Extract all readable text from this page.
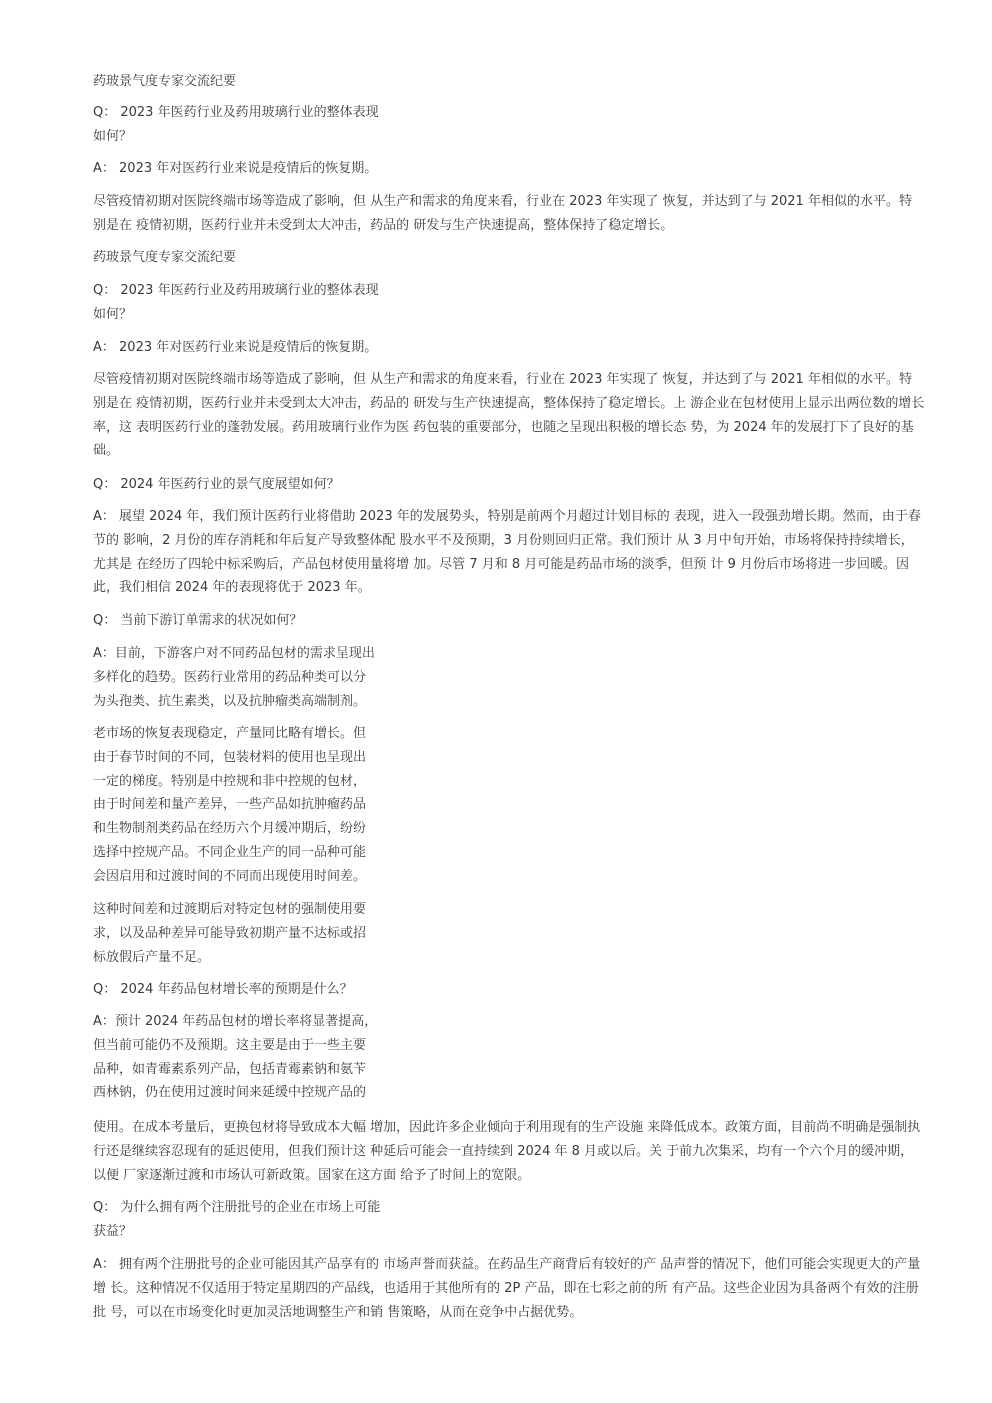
药玻景气度专家交流纪要

Q： 2023 年医药行业及药用玻璃行业的整体表现
如何？

A： 2023 年对医药行业来说是疫情后的恢复期。

尽管疫情初期对医院终端市场等造成了影响，但 从生产和需求的角度来看，行业在 2023 年实现了 恢复，并达到了与 2021 年相似的水平。特
别是在 疫情初期，医药行业并未受到太大冲击，药品的 研发与生产快速提高，整体保持了稳定增长。

药玻景气度专家交流纪要

Q： 2023 年医药行业及药用玻璃行业的整体表现
如何？

A： 2023 年对医药行业来说是疫情后的恢复期。

尽管疫情初期对医院终端市场等造成了影响，但 从生产和需求的角度来看，行业在 2023 年实现了 恢复，并达到了与 2021 年相似的水平。特
别是在 疫情初期，医药行业并未受到太大冲击，药品的 研发与生产快速提高，整体保持了稳定增长。上 游企业在包材使用上显示出两位数的增长
率，这 表明医药行业的蓬勃发展。药用玻璃行业作为医 药包装的重要部分，也随之呈现出积极的增长态 势，为 2024 年的发展打下了良好的基
础。

Q： 2024 年医药行业的景气度展望如何？

A： 展望 2024 年，我们预计医药行业将借助 2023 年的发展势头，特别是前两个月超过计划目标的 表现，进入一段强劲增长期。然而，由于春
节的 影响，2 月份的库存消耗和年后复产导致整体配 股水平不及预期，3 月份则回归正常。我们预计 从 3 月中旬开始，市场将保持持续增长，
尤其是 在经历了四轮中标采购后，产品包材使用量将增 加。尽管 7 月和 8 月可能是药品市场的淡季，但预 计 9 月份后市场将进一步回暖。因
此，我们相信 2024 年的表现将优于 2023 年。

Q： 当前下游订单需求的状况如何？

A：目前，下游客户对不同药品包材的需求呈现出
多样化的趋势。医药行业常用的药品种类可以分
为头孢类、抗生素类，以及抗肿瘤类高端制剂。

老市场的恢复表现稳定，产量同比略有增长。但
由于春节时间的不同，包装材料的使用也呈现出
一定的梯度。特别是中控规和非中控规的包材，
由于时间差和量产差异，一些产品如抗肿瘤药品
和生物制剂类药品在经历六个月缓冲期后，纷纷
选择中控规产品。不同企业生产的同一品种可能
会因启用和过渡时间的不同而出现使用时间差。

这种时间差和过渡期后对特定包材的强制使用要
求，以及品种差异可能导致初期产量不达标或招
标放假后产量不足。

Q： 2024 年药品包材增长率的预期是什么？

A：预计 2024 年药品包材的增长率将显著提高，
但当前可能仍不及预期。这主要是由于一些主要
品种，如青霉素系列产品，包括青霉素钠和氨苄
西林钠，仍在使用过渡时间来延缓中控规产品的

使用。在成本考量后，更换包材将导致成本大幅 增加，因此许多企业倾向于利用现有的生产设施 来降低成本。政策方面，目前尚不明确是强制执
行还是继续容忍现有的延迟使用，但我们预计这 种延后可能会一直持续到 2024 年 8 月或以后。关 于前九次集采，均有一个六个月的缓冲期，
以便 厂家逐渐过渡和市场认可新政策。国家在这方面 给予了时间上的宽限。

Q： 为什么拥有两个注册批号的企业在市场上可能
获益？

A： 拥有两个注册批号的企业可能因其产品享有的 市场声誉而获益。在药品生产商背后有较好的产 品声誉的情况下，他们可能会实现更大的产量
增 长。这种情况不仅适用于特定星期四的产品线，也适用于其他所有的 2P 产品，即在七彩之前的所 有产品。这些企业因为具备两个有效的注册
批 号，可以在市场变化时更加灵活地调整生产和销 售策略，从而在竞争中占据优势。
